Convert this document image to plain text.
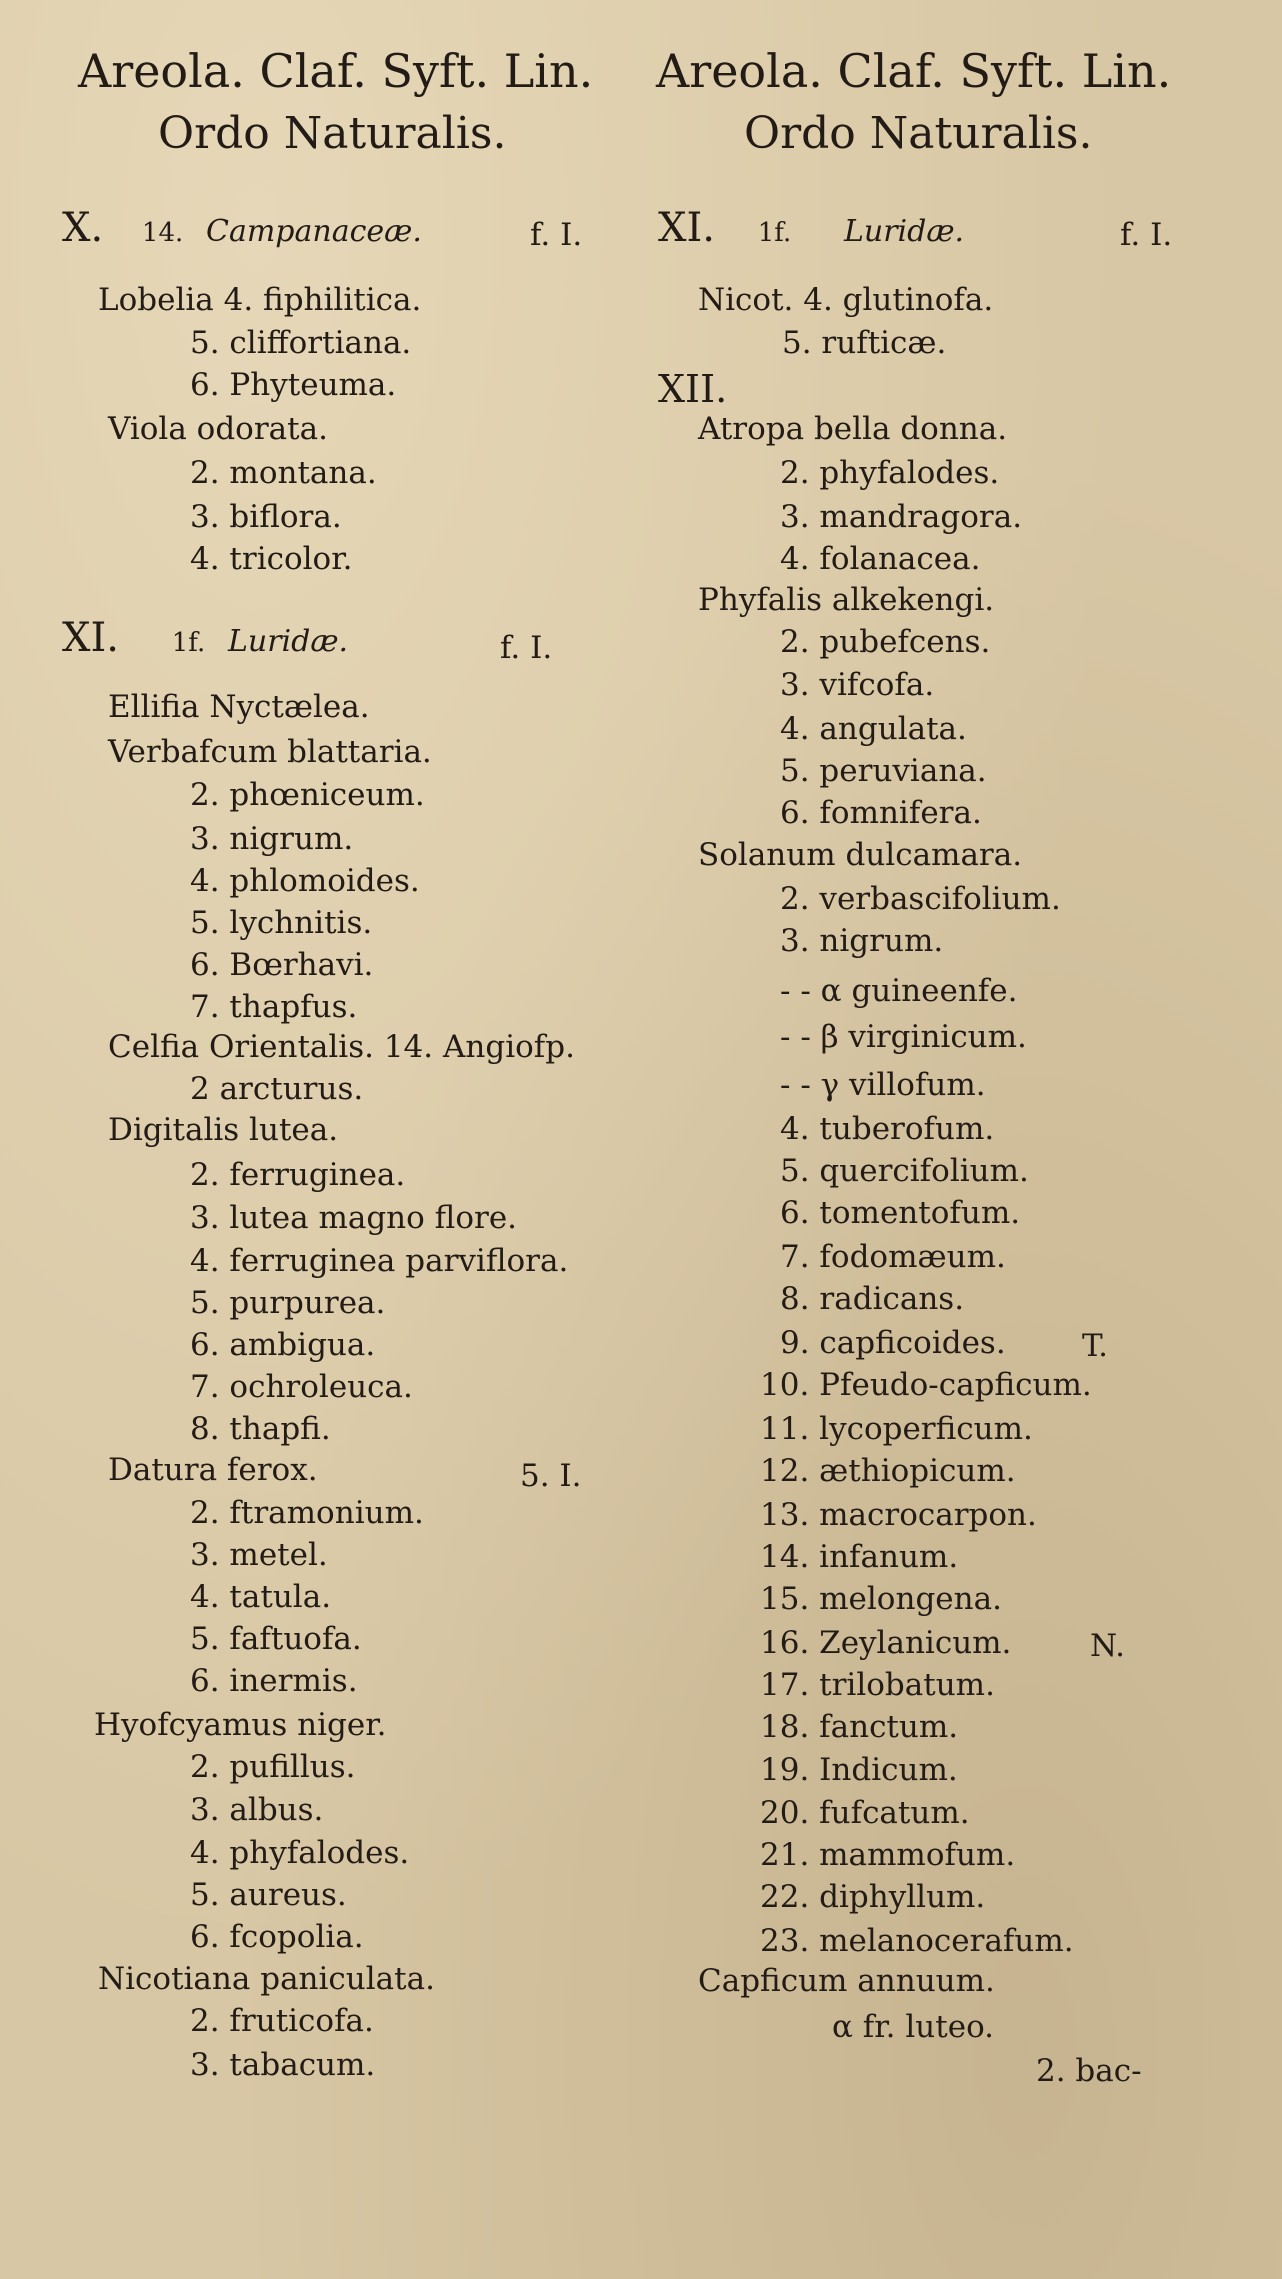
Areola. Claf. Syft. Lin.
Ordo Naturalis.
Areola. Claf. Syft. Lin.
Ordo Naturalis.
X. 14. Campanaceæ.	f. I.
XI. 1f. Luridæ.	f. I.
Lobelia 4. fiphilitica.
5. cliffortiana.
6. Phyteuma.
Viola odorata.
2. montana.
3. biflora.
4. tricolor.
Ellifia Nyctælea.
Verbafcum blattaria.
2. phœniceum.
3. nigrum.
4. phlomoides.
5. lychnitis.
6. Bœrhavi.
7. thapfus.
Celfia Orientalis. 14. Angiofp.
2 arcturus.
Digitalis lutea.
2. ferruginea.
3. lutea magno flore.
4. ferruginea parviflora.
5. purpurea.
6. ambigua.
7. ochroleuca.
8. thapfi.
Datura ferox.	5. I.
2. ftramonium.
3. metel.
4. tatula.
5. faftuofa.
6. inermis.
Hyofcyamus niger.
2. pufillus.
3. albus.
4. phyfalodes.
5. aureus.
6. fcopolia.
Nicotiana paniculata.
2. fruticofa.
3. tabacum.
XI. 1f. Luridæ.	f. I.
Nicot. 4. glutinofa.
5. rufticæ.
XII.
Atropa bella donna.
2. phyfalodes.
3. mandragora.
4. folanacea.
Phyfalis alkekengi.
2. pubefcens.
3. vifcofa.
4. angulata.
5. peruviana.
6. fomnifera.
Solanum dulcamara.
2. verbascifolium.
3. nigrum.
- - α guineenfe.
- - β virginicum.
- - γ villofum.
4. tuberofum.
5. quercifolium.
6. tomentofum.
7. fodomæum.
8. radicans.
9. capficoides. T.
10. Pfeudo-capficum.
11. lycoperficum.
12. æthiopicum.
13. macrocarpon.
14. infanum.
15. melongena.
16. Zeylanicum.	N.
17. trilobatum.
18. fanctum.
19. Indicum.
20. fufcatum.
21. mammofum.
22. diphyllum.
23. melanocerafum.
Capficum annuum.
α fr. luteo.
2. bac-
